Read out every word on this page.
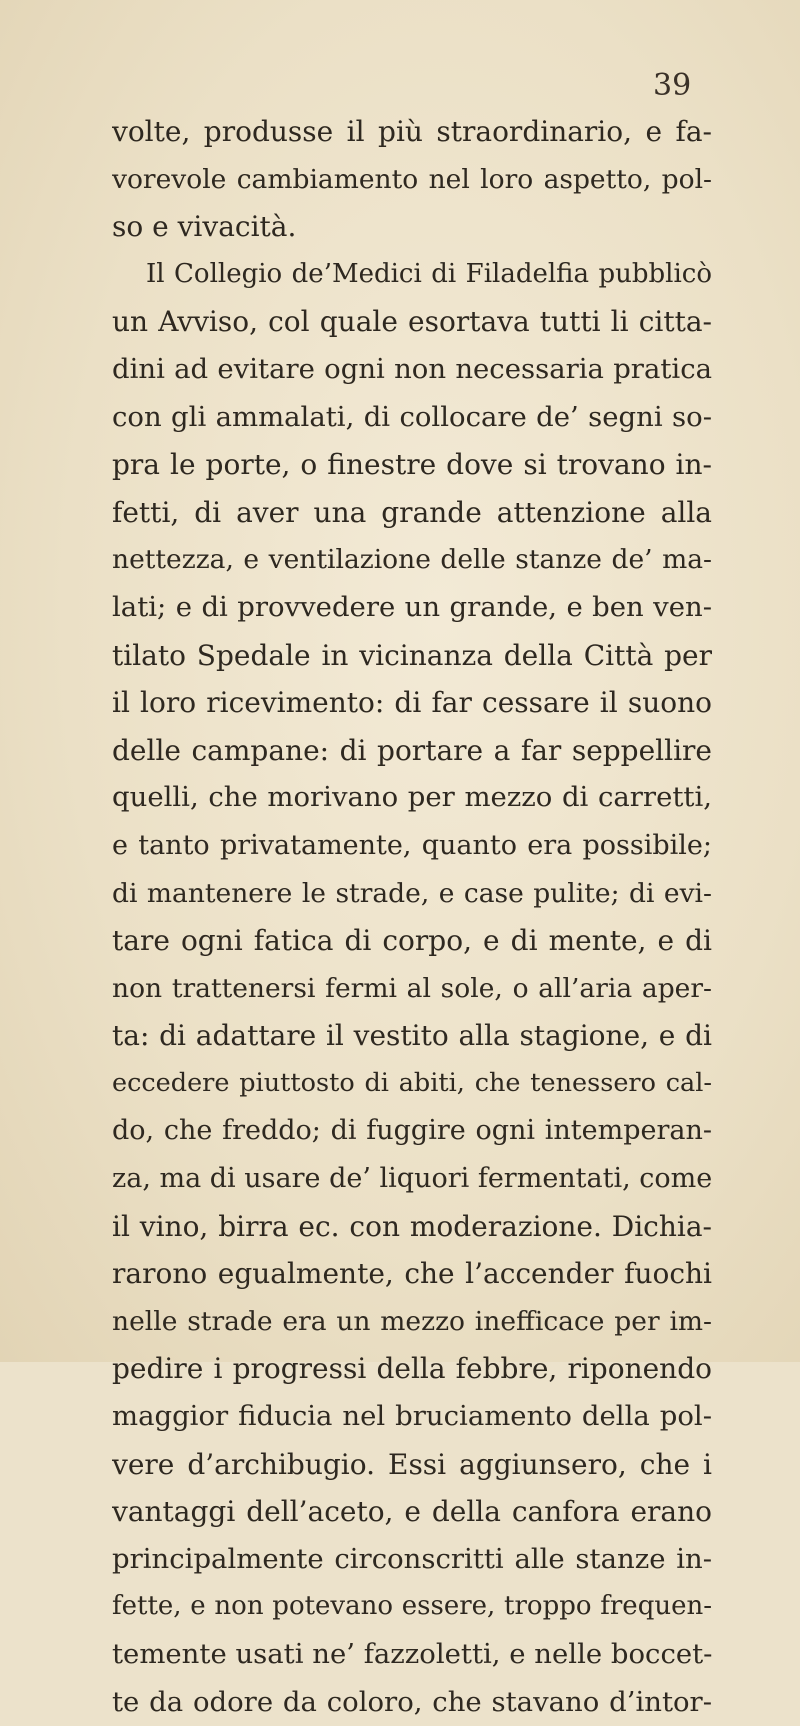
39
volte, produsse il più straordinario, e fa-
vorevole cambiamento nel loro aspetto, pol-
so e vivacità.
Il Collegio de’Medici di Filadelfia pubblicò
un Avviso, col quale esortava tutti li citta-
dini ad evitare ogni non necessaria pratica
con gli ammalati, di collocare de’ segni so-
pra le porte, o finestre dove si trovano in-
fetti, di aver una grande attenzione alla
nettezza, e ventilazione delle stanze de’ ma-
lati; e di provvedere un grande, e ben ven-
tilato Spedale in vicinanza della Città per
il loro ricevimento: di far cessare il suono
delle campane: di portare a far seppellire
quelli, che morivano per mezzo di carretti,
e tanto privatamente, quanto era possibile;
di mantenere le strade, e case pulite; di evi-
tare ogni fatica di corpo, e di mente, e di
non trattenersi fermi al sole, o all’aria aper-
ta: di adattare il vestito alla stagione, e di
eccedere piuttosto di abiti, che tenessero cal-
do, che freddo; di fuggire ogni intemperan-
za, ma di usare de’ liquori fermentati, come
il vino, birra ec. con moderazione. Dichia-
rarono egualmente, che l’accender fuochi
nelle strade era un mezzo inefficace per im-
pedire i progressi della febbre, riponendo
maggior fiducia nel bruciamento della pol-
vere d’archibugio. Essi aggiunsero, che i
vantaggi dell’aceto, e della canfora erano
principalmente circonscritti alle stanze in-
fette, e non potevano essere, troppo frequen-
temente usati ne’ fazzoletti, e nelle boccet-
te da odore da coloro, che stavano d’intor-
